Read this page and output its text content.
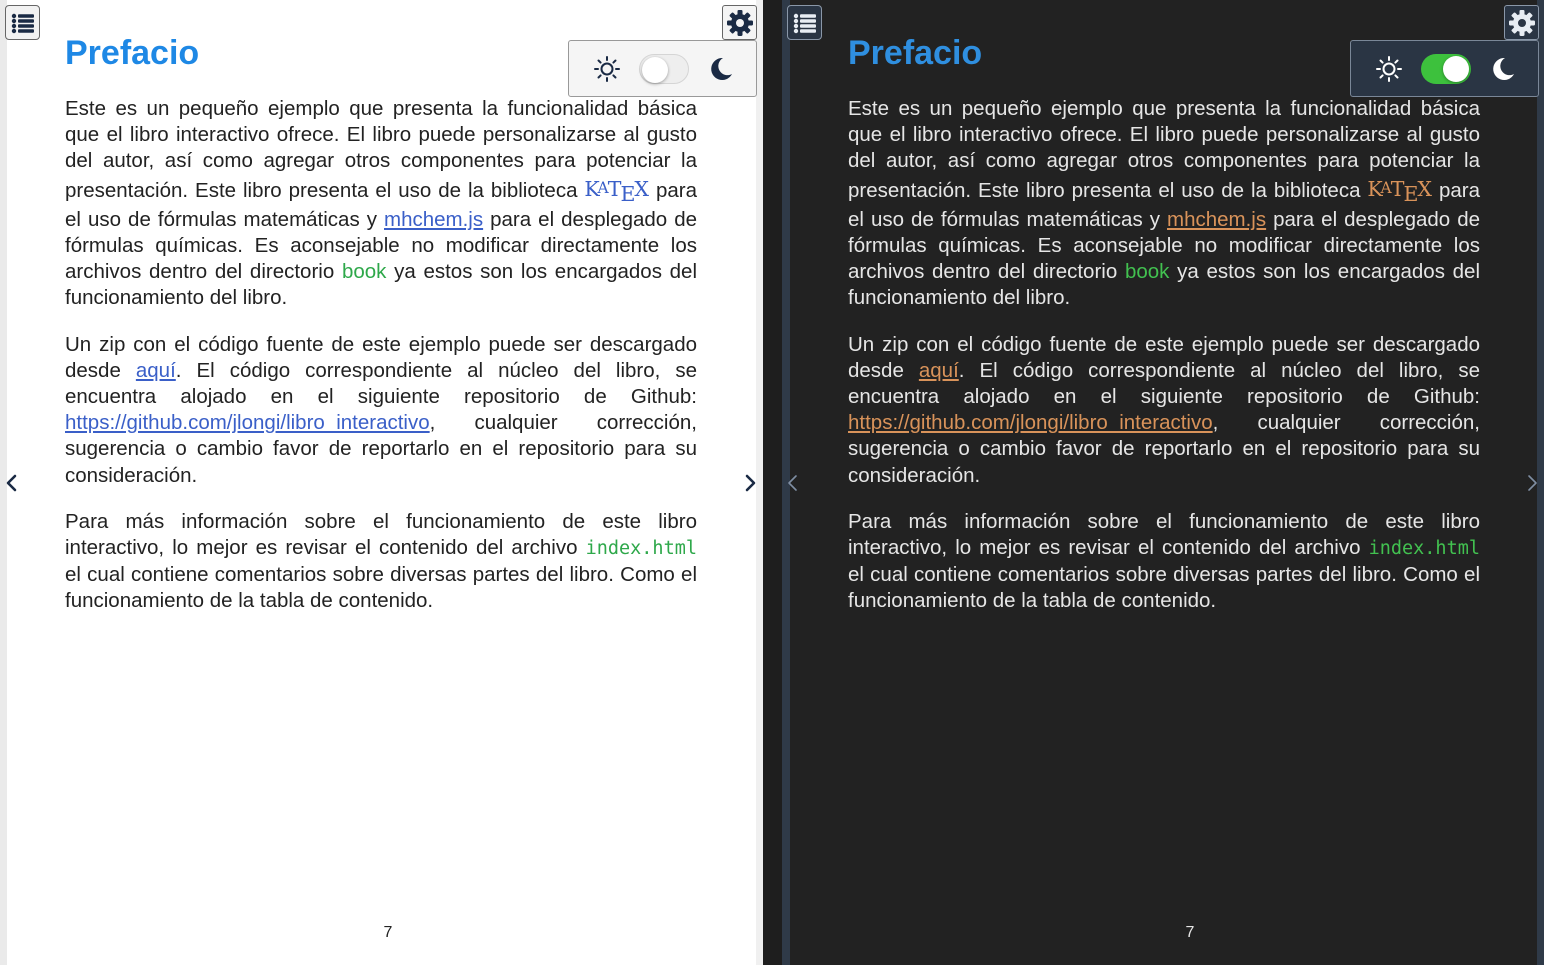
Prefacio

Este es un pequeño ejemplo que presenta la funcionalidad básica que el libro interactivo ofrece. El libro puede personalizarse al gusto del autor, así como agregar otros componentes para potenciar la presentación. Este libro presenta el uso de la biblioteca KATEX para el uso de fórmulas matemáticas y mhchem.js para el desplegado de fórmulas químicas. Es aconsejable no modificar directamente los archivos dentro del directorio book ya estos son los encargados del funcionamiento del libro.

Un zip con el código fuente de este ejemplo puede ser descargado desde aquí. El código correspondiente al núcleo del libro, se encuentra alojado en el siguiente repositorio de Github: https://github.com/jlongi/libro_interactivo, cualquier corrección, sugerencia o cambio favor de reportarlo en el repositorio para su consideración.

Para más información sobre el funcionamiento de este libro interactivo, lo mejor es revisar el contenido del archivo index.html el cual contiene comentarios sobre diversas partes del libro. Como el funcionamiento de la tabla de contenido.

7
Prefacio

Este es un pequeño ejemplo que presenta la funcionalidad básica que el libro interactivo ofrece. El libro puede personalizarse al gusto del autor, así como agregar otros componentes para potenciar la presentación. Este libro presenta el uso de la biblioteca KATEX para el uso de fórmulas matemáticas y mhchem.js para el desplegado de fórmulas químicas. Es aconsejable no modificar directamente los archivos dentro del directorio book ya estos son los encargados del funcionamiento del libro.

Un zip con el código fuente de este ejemplo puede ser descargado desde aquí. El código correspondiente al núcleo del libro, se encuentra alojado en el siguiente repositorio de Github: https://github.com/jlongi/libro_interactivo, cualquier corrección, sugerencia o cambio favor de reportarlo en el repositorio para su consideración.

Para más información sobre el funcionamiento de este libro interactivo, lo mejor es revisar el contenido del archivo index.html el cual contiene comentarios sobre diversas partes del libro. Como el funcionamiento de la tabla de contenido.

7
